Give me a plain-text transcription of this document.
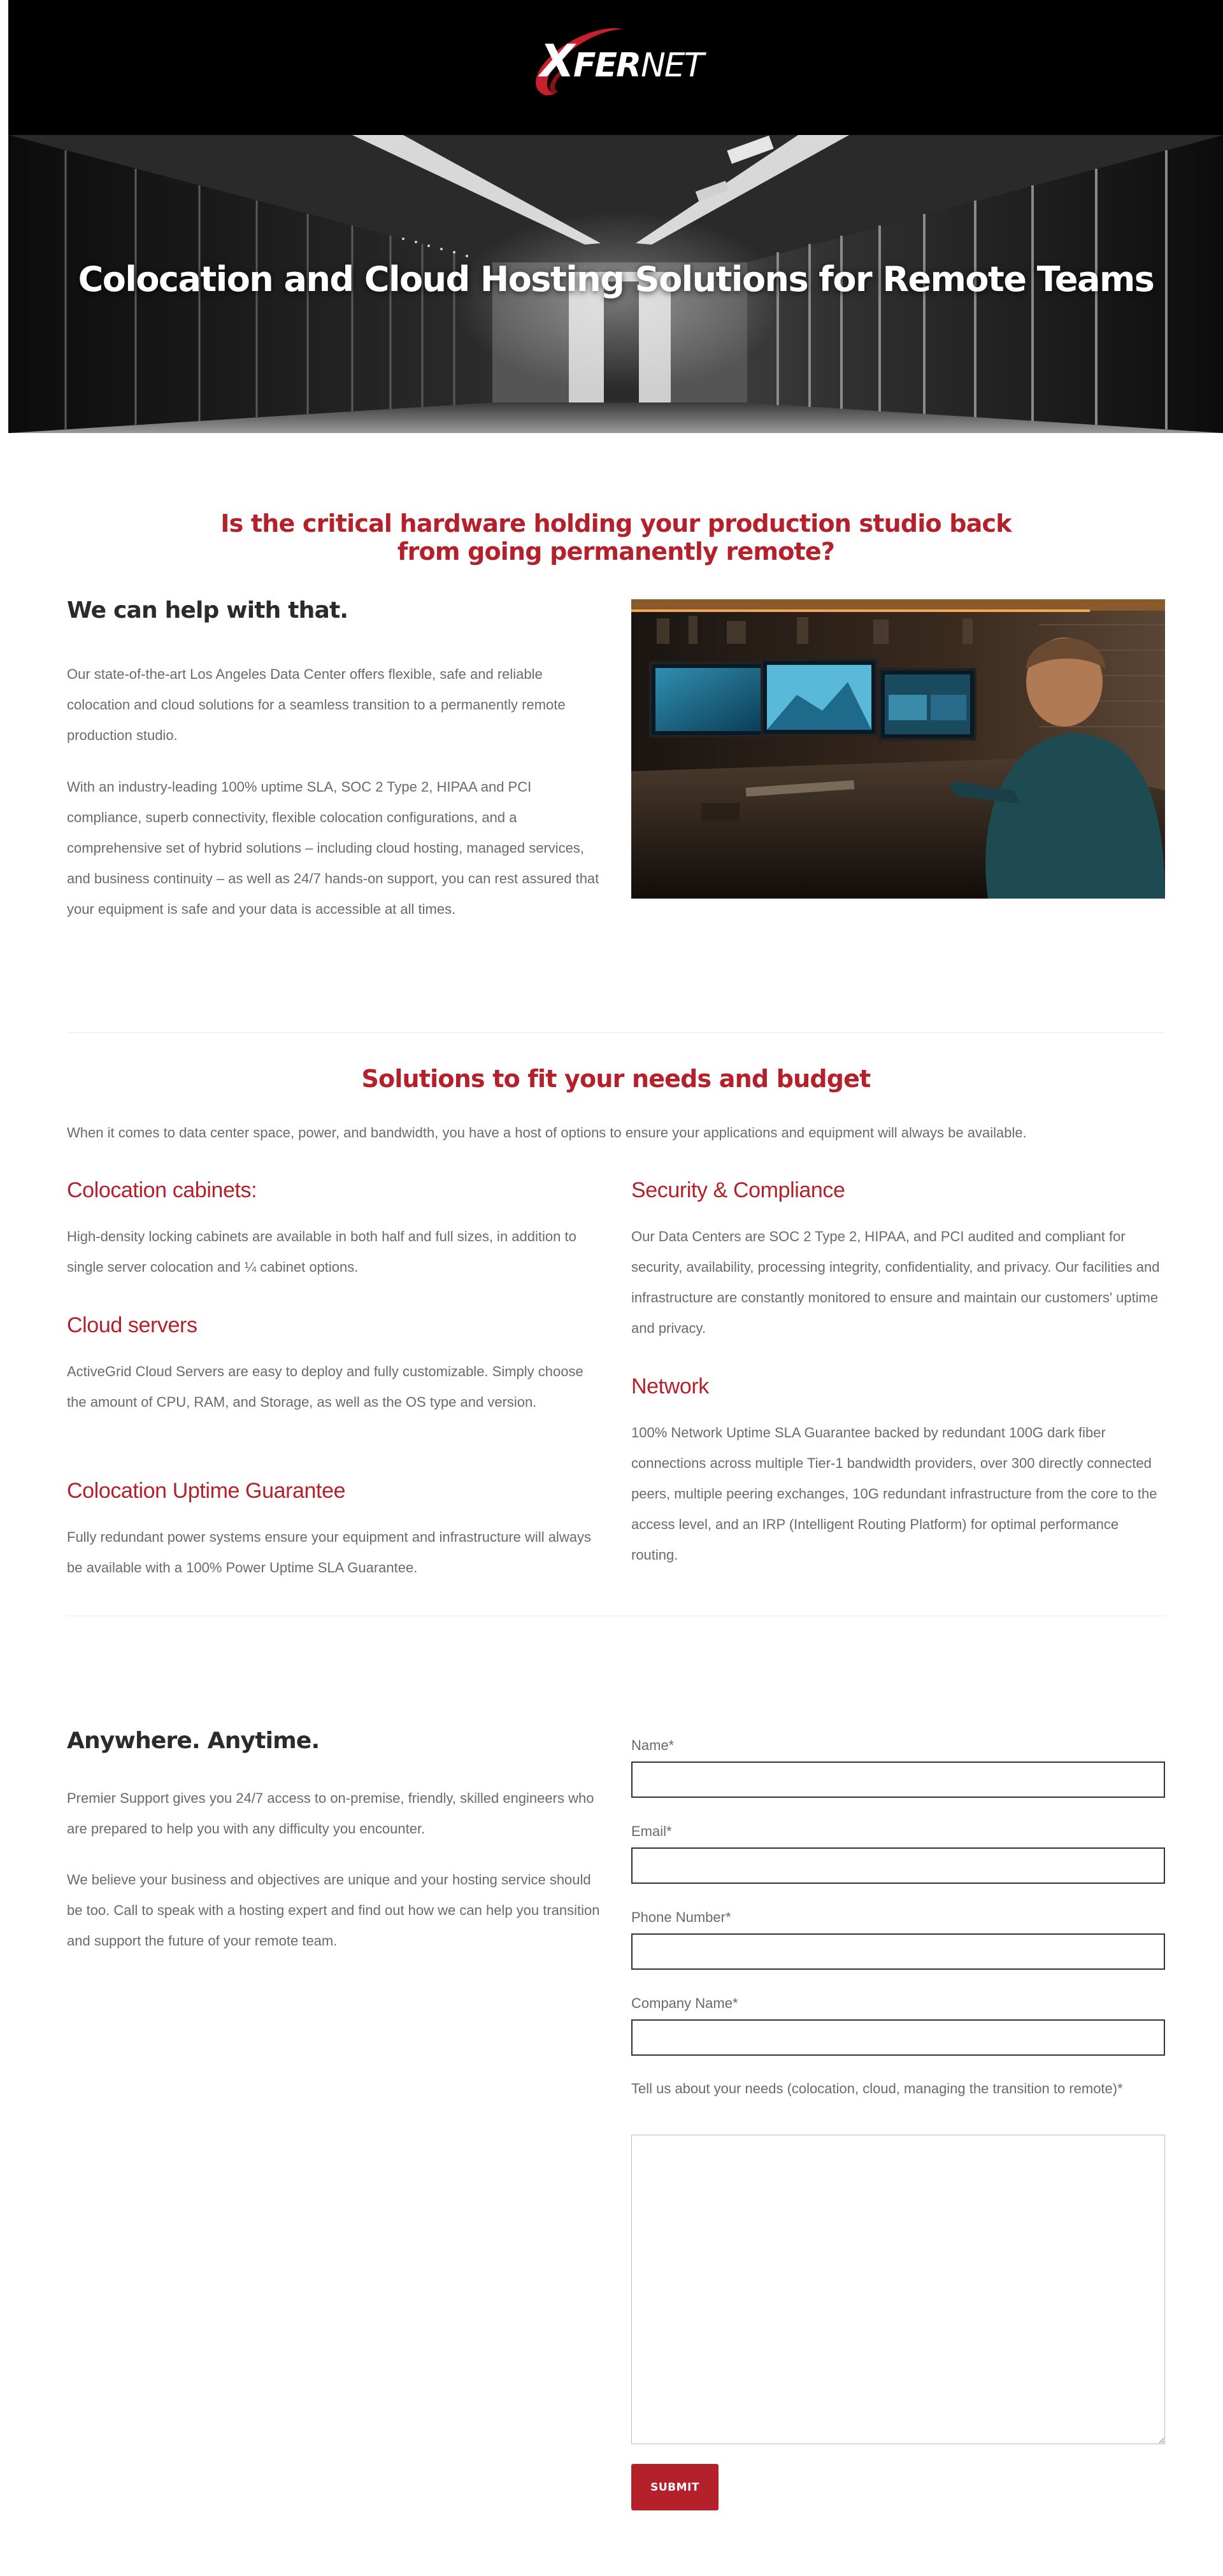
X
FER NET
Colocation and Cloud Hosting Solutions for Remote Teams
Is the critical hardware holding your production studio back
from going permanently remote?
We can help with that.

Our state-of-the-art Los Angeles Data Center offers flexible, safe and reliable colocation and cloud solutions for a seamless transition to a permanently remote production studio.

With an industry-leading 100% uptime SLA, SOC 2 Type 2, HIPAA and PCI compliance, superb connectivity, flexible colocation configurations, and a comprehensive set of hybrid solutions – including cloud hosting, managed services, and business continuity – as well as 24/7 hands-on support, you can rest assured that your equipment is safe and your data is accessible at all times.

Solutions to fit your needs and budget

When it comes to data center space, power, and bandwidth, you have a host of options to ensure your applications and equipment will always be available.

Colocation cabinets:

High-density locking cabinets are available in both half and full sizes, in addition to single server colocation and ¼ cabinet options.

Cloud servers

ActiveGrid Cloud Servers are easy to deploy and fully customizable. Simply choose the amount of CPU, RAM, and Storage, as well as the OS type and version.

Colocation Uptime Guarantee

Fully redundant power systems ensure your equipment and infrastructure will always be available with a 100% Power Uptime SLA Guarantee.

Security & Compliance

Our Data Centers are SOC 2 Type 2, HIPAA, and PCI audited and compliant for security, availability, processing integrity, confidentiality, and privacy. Our facilities and infrastructure are constantly monitored to ensure and maintain our customers' uptime and privacy.

Network

100% Network Uptime SLA Guarantee backed by redundant 100G dark fiber connections across multiple Tier-1 bandwidth providers, over 300 directly connected peers, multiple peering exchanges, 10G redundant infrastructure from the core to the access level, and an IRP (Intelligent Routing Platform) for optimal performance routing.

Anywhere. Anytime.

Premier Support gives you 24/7 access to on-premise, friendly, skilled engineers who are prepared to help you with any difficulty you encounter.

We believe your business and objectives are unique and your hosting service should be too. Call to speak with a hosting expert and find out how we can help you transition and support the future of your remote team.

Name*
Email*
Phone Number*
Company Name*
Tell us about your needs (colocation, cloud, managing the transition to remote)*
SUBMIT
